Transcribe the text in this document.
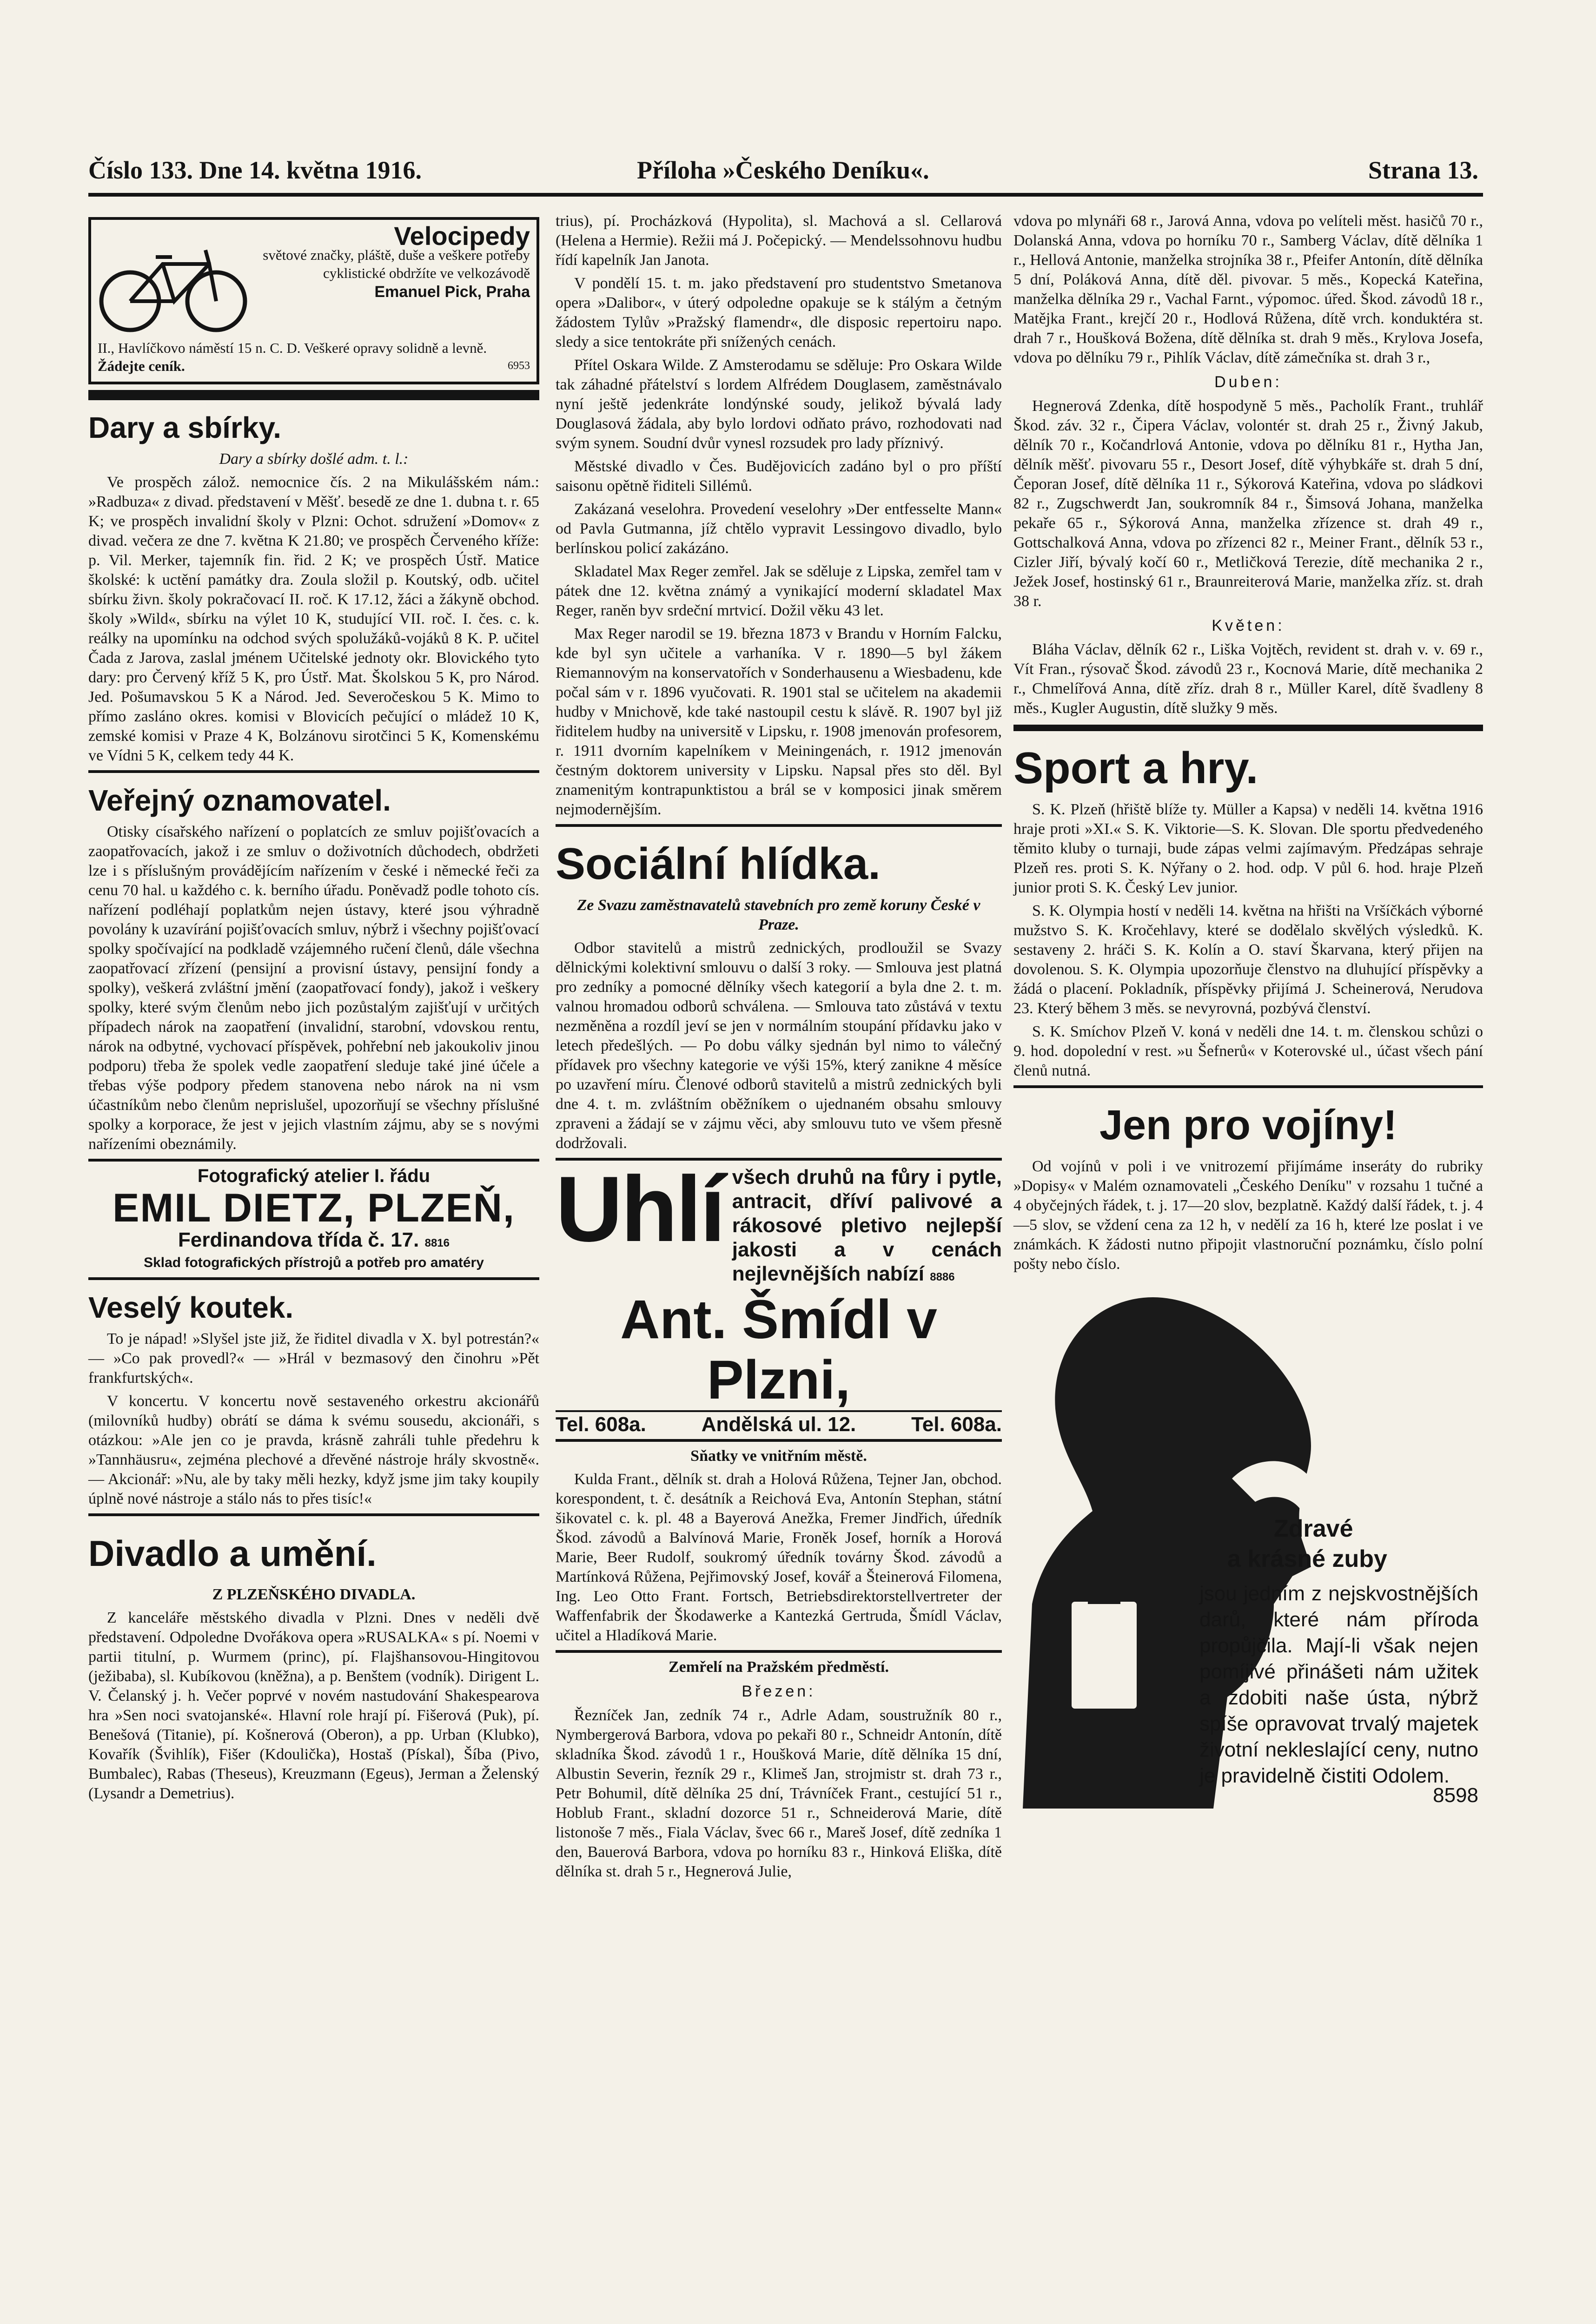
Číslo 133. Dne 14. května 1916.	Příloha »Českého Deníku«.	Strana 13.
Velocipedy
světové značky, pláště, duše a veškere potřeby cyklistické obdržíte ve velkozávodě
Emanuel Pick, Praha
II., Havlíčkovo náměstí 15 n. C. D. Veškeré opravy solidně a levně.
Žádejte ceník.	6953
Dary a sbírky.

Dary a sbírky došlé adm. t. l.:

Ve prospěch zálož. nemocnice čís. 2 na Mikulášském nám.: »Radbuza« z divad. představení v Měšť. besedě ze dne 1. dubna t. r. 65 K; ve prospěch invalidní školy v Plzni: Ochot. sdružení »Domov« z divad. večera ze dne 7. května K 21.80; ve prospěch Červeného kříže: p. Vil. Merker, tajemník fin. řid. 2 K; ve prospěch Ústř. Matice školské: k uctění památky dra. Zoula složil p. Koutský, odb. učitel sbírku živn. školy pokračovací II. roč. K 17.12, žáci a žákyně obchod. školy »Wild«, sbírku na výlet 10 K, studující VII. roč. I. čes. c. k. reálky na upomínku na odchod svých spolužáků-vojáků 8 K. P. učitel Čada z Jarova, zaslal jménem Učitelské jednoty okr. Blovického tyto dary: pro Červený kříž 5 K, pro Ústř. Mat. Školskou 5 K, pro Národ. Jed. Pošumavskou 5 K a Národ. Jed. Severočeskou 5 K. Mimo to přímo zasláno okres. komisi v Blovicích pečující o mládež 10 K, zemské komisi v Praze 4 K, Bolzánovu sirotčinci 5 K, Komenskému ve Vídni 5 K, celkem tedy 44 K.

Veřejný oznamovatel.

Otisky císařského nařízení o poplatcích ze smluv pojišťovacích a zaopatřovacích, jakož i ze smluv o doživotních důchodech, obdržeti lze i s příslušným provádějícím nařízením v české i německé řeči za cenu 70 hal. u každého c. k. berního úřadu. Poněvadž podle tohoto cís. nařízení podléhají poplatkům nejen ústavy, které jsou výhradně povolány k uzavírání pojišťovacích smluv, nýbrž i všechny pojišťovací spolky spočívající na podkladě vzájemného ručení členů, dále všechna zaopatřovací zřízení (pensijní a provisní ústavy, pensijní fondy a spolky), veškerá zvláštní jmění (zaopatřovací fondy), jakož i veškery spolky, které svým členům nebo jich pozůstalým zajišťují v určitých případech nárok na zaopatření (invalidní, starobní, vdovskou rentu, nárok na odbytné, vychovací příspěvek, pohřební neb jakoukoliv jinou podporu) třeba že spolek vedle zaopatření sleduje také jiné účele a třebas výše podpory předem stanovena nebo nárok na ni vsm účastníkům nebo členům neprislušel, upozorňují se všechny příslušné spolky a korporace, že jest v jejich vlastním zájmu, aby se s novými nařízeními obeznámily.

Fotografický atelier I. řádu
EMIL DIETZ, PLZEŇ,
Ferdinandova třída č. 17. 8816
Sklad fotografických přístrojů a potřeb pro amatéry
Veselý koutek.

To je nápad! »Slyšel jste již, že řiditel divadla v X. byl potrestán?« — »Co pak provedl?« — »Hrál v bezmasový den činohru »Pět frankfurtských«.

V koncertu. V koncertu nově sestaveného orkestru akcionářů (milovníků hudby) obrátí se dáma k svému sousedu, akcionáři, s otázkou: »Ale jen co je pravda, krásně zahráli tuhle předehru k »Tannhäusru«, zejména plechové a dřevěné nástroje hrály skvostně«. — Akcionář: »Nu, ale by taky měli hezky, když jsme jim taky koupily úplně nové nástroje a stálo nás to přes tisíc!«

Divadlo a umění.

Z PLZEŇSKÉHO DIVADLA.

Z kanceláře městského divadla v Plzni. Dnes v neděli dvě představení. Odpoledne Dvořákova opera »RUSALKA« s pí. Noemi v partii titulní, p. Wurmem (princ), pí. Flajšhansovou-Hingitovou (ježibaba), sl. Kubíkovou (kněžna), a p. Benštem (vodník). Dirigent L. V. Čelanský j. h. Večer poprvé v novém nastudování Shakespearova hra »Sen noci svatojanské«. Hlavní role hrají pí. Fišerová (Puk), pí. Benešová (Titanie), pí. Košnerová (Oberon), a pp. Urban (Klubko), Kovařík (Švihlík), Fišer (Kdoulička), Hostaš (Pískal), Šíba (Pivo, Bumbalec), Rabas (Theseus), Kreuzmann (Egeus), Jerman a Želenský (Lysandr a Demetrius).

trius), pí. Procházková (Hypolita), sl. Machová a sl. Cellarová (Helena a Hermie). Režii má J. Počepický. — Mendelssohnovu hudbu řídí kapelník Jan Janota.

V pondělí 15. t. m. jako představení pro studentstvo Smetanova opera »Dalibor«, v úterý odpoledne opakuje se k stálým a četným žádostem Tylův »Pražský flamendr«, dle disposic repertoiru napo. sledy a sice tentokráte při snížených cenách.

Přítel Oskara Wilde. Z Amsterodamu se sděluje: Pro Oskara Wilde tak záhadné přátelství s lordem Alfrédem Douglasem, zaměstnávalo nyní ještě jedenkráte londýnské soudy, jelikož bývalá lady Douglasová žádala, aby bylo lordovi odňato právo, rozhodovati nad svým synem. Soudní dvůr vynesl rozsudek pro lady příznivý.

Městské divadlo v Čes. Budějovicích zadáno byl o pro příští saisonu opětně řiditeli Sillémů.

Zakázaná veselohra. Provedení veselohry »Der entfesselte Mann« od Pavla Gutmanna, jíž chtělo vypravit Lessingovo divadlo, bylo berlínskou policí zakázáno.

Skladatel Max Reger zemřel. Jak se sděluje z Lipska, zemřel tam v pátek dne 12. května známý a vynikající moderní skladatel Max Reger, raněn byv srdeční mrtvicí. Dožil věku 43 let.

Max Reger narodil se 19. března 1873 v Brandu v Horním Falcku, kde byl syn učitele a varhaníka. V r. 1890—5 byl žákem Riemannovým na konservatořích v Sonderhausenu a Wiesbadenu, kde počal sám v r. 1896 vyučovati. R. 1901 stal se učitelem na akademii hudby v Mnichově, kde také nastoupil cestu k slávě. R. 1907 byl již řiditelem hudby na universitě v Lipsku, r. 1908 jmenován profesorem, r. 1911 dvorním kapelníkem v Meiningenách, r. 1912 jmenován čestným doktorem university v Lipsku. Napsal přes sto děl. Byl znamenitým kontrapunktistou a brál se v komposici jinak směrem nejmodernějším.

Sociální hlídka.

Ze Svazu zaměstnavatelů stavebních pro země koruny České v Praze.

Odbor stavitelů a mistrů zednických, prodloužil se Svazy dělnickými kolektivní smlouvu o další 3 roky. — Smlouva jest platná pro zedníky a pomocné dělníky všech kategorií a byla dne 2. t. m. valnou hromadou odborů schválena. — Smlouva tato zůstává v textu nezměněna a rozdíl jeví se jen v normálním stoupání přídavku jako v letech předešlých. — Po dobu války sjednán byl nimo to válečný přídavek pro všechny kategorie ve výši 15%, který zanikne 4 měsíce po uzavření míru. Členové odborů stavitelů a mistrů zednických byli dne 4. t. m. zvláštním oběžníkem o ujednaném obsahu smlouvy zpraveni a žádají se v zájmu věci, aby smlouvu tuto ve všem přesně dodržovali.

Uhlí všech druhů na fůry i pytle, antracit, dříví palivové a rákosové pletivo nejlepší jakosti a v cenách nejlevnějších nabízí 8886
Ant. Šmídl v Plzni,
Tel. 608a.	Andělská ul. 12.	Tel. 608a.

Sňatky ve vnitřním městě.

Kulda Frant., dělník st. drah a Holová Růžena, Tejner Jan, obchod. korespondent, t. č. desátník a Reichová Eva, Antonín Stephan, státní šikovatel c. k. pl. 48 a Bayerová Anežka, Fremer Jindřich, úředník Škod. závodů a Balvínová Marie, Froněk Josef, horník a Horová Marie, Beer Rudolf, soukromý úředník továrny Škod. závodů a Martínková Růžena, Pejřimovský Josef, kovář a Šteinerová Filomena, Ing. Leo Otto Frant. Fortsch, Betriebsdirektorstellvertreter der Waffenfabrik der Škodawerke a Kantezká Gertruda, Šmídl Václav, učitel a Hladíková Marie.

Zemřelí na Pražském předměstí.

Březen:

Řezníček Jan, zedník 74 r., Adrle Adam, soustružník 80 r., Nymbergerová Barbora, vdova po pekaři 80 r., Schneidr Antonín, dítě skladníka Škod. závodů 1 r., Houšková Marie, dítě dělníka 15 dní, Albustin Severin, řezník 29 r., Klimeš Jan, strojmistr st. drah 73 r., Petr Bohumil, dítě dělníka 25 dní, Trávníček Frant., cestující 51 r., Hoblub Frant., skladní dozorce 51 r., Schneiderová Marie, dítě listonoše 7 měs., Fiala Václav, švec 66 r., Mareš Josef, dítě zedníka 1 den, Bauerová Barbora, vdova po horníku 83 r., Hinková Eliška, dítě dělníka st. drah 5 r., Hegnerová Julie,

vdova po mlynáři 68 r., Jarová Anna, vdova po velíteli měst. hasičů 70 r., Dolanská Anna, vdova po horníku 70 r., Samberg Václav, dítě dělníka 1 r., Hellová Antonie, manželka strojníka 38 r., Pfeifer Antonín, dítě dělníka 5 dní, Poláková Anna, dítě děl. pivovar. 5 měs., Kopecká Kateřina, manželka dělníka 29 r., Vachal Farnt., výpomoc. úřed. Škod. závodů 18 r., Matějka Frant., krejčí 20 r., Hodlová Růžena, dítě vrch. konduktéra st. drah 7 r., Houšková Božena, dítě dělníka st. drah 9 měs., Krylova Josefa, vdova po dělníku 79 r., Pihlík Václav, dítě zámečníka st. drah 3 r.,

Duben:

Hegnerová Zdenka, dítě hospodyně 5 měs., Pacholík Frant., truhlář Škod. záv. 32 r., Čipera Václav, volontér st. drah 25 r., Živný Jakub, dělník 70 r., Kočandrlová Antonie, vdova po dělníku 81 r., Hytha Jan, dělník měšť. pivovaru 55 r., Desort Josef, dítě výhybkáře st. drah 5 dní, Čeporan Josef, dítě dělníka 11 r., Sýkorová Kateřina, vdova po sládkovi 82 r., Zugschwerdt Jan, soukromník 84 r., Šimsová Johana, manželka pekaře 65 r., Sýkorová Anna, manželka zřízence st. drah 49 r., Gottschalková Anna, vdova po zřízenci 82 r., Meiner Frant., dělník 53 r., Cizler Jiří, bývalý kočí 60 r., Metličková Terezie, dítě mechanika 2 r., Ježek Josef, hostinský 61 r., Braunreiterová Marie, manželka zříz. st. drah 38 r.

Květen:

Bláha Václav, dělník 62 r., Liška Vojtěch, revident st. drah v. v. 69 r., Vít Fran., rýsovač Škod. závodů 23 r., Kocnová Marie, dítě mechanika 2 r., Chmelířová Anna, dítě zříz. drah 8 r., Müller Karel, dítě švadleny 8 měs., Kugler Augustin, dítě služky 9 měs.

Sport a hry.

S. K. Plzeň (hřiště blíže ty. Müller a Kapsa) v neděli 14. května 1916 hraje proti »XI.« S. K. Viktorie—S. K. Slovan. Dle sportu předvedeného těmito kluby o turnaji, bude zápas velmi zajímavým. Předzápas sehraje Plzeň res. proti S. K. Nýřany o 2. hod. odp. V půl 6. hod. hraje Plzeň junior proti S. K. Český Lev junior.

S. K. Olympia hostí v neděli 14. května na hřišti na Vršíčkách výborné mužstvo S. K. Kročehlavy, které se dodělalo skvělých výsledků. K. sestaveny 2. hráči S. K. Kolín a O. staví Škarvana, který přijen na dovolenou. S. K. Olympia upozorňuje členstvo na dluhující příspěvky a žádá o placení. Pokladník, příspěvky přijímá J. Scheinerová, Nerudova 23. Který během 3 měs. se nevyrovná, pozbývá členství.

S. K. Smíchov Plzeň V. koná v neděli dne 14. t. m. členskou schůzi o 9. hod. dopolední v rest. »u Šefnerů« v Koterovské ul., účast všech pání členů nutná.

Jen pro vojíny!

Od vojínů v poli i ve vnitrozemí přijímáme inseráty do rubriky »Dopisy« v Malém oznamovateli „Českého Deníku" v rozsahu 1 tučné a 4 obyčejných řádek, t. j. 17—20 slov, bezplatně. Každý další řádek, t. j. 4—5 slov, se vždení cena za 12 h, v nedělí za 16 h, které lze poslat i ve známkách. K žádosti nutno připojit vlastnoruční poznámku, číslo polní pošty nebo číslo.

Zdravé
a krásné zuby
jsou jedním z nejskvostnějších darů, které nám příroda propůjčila. Mají-li však nejen pomíjivé přinášeti nám užitek a zdobiti naše ústa, nýbrž spíše opravovat trvalý majetek životní nekleslající ceny, nutno je pravidelně čistiti Odolem.
8598
